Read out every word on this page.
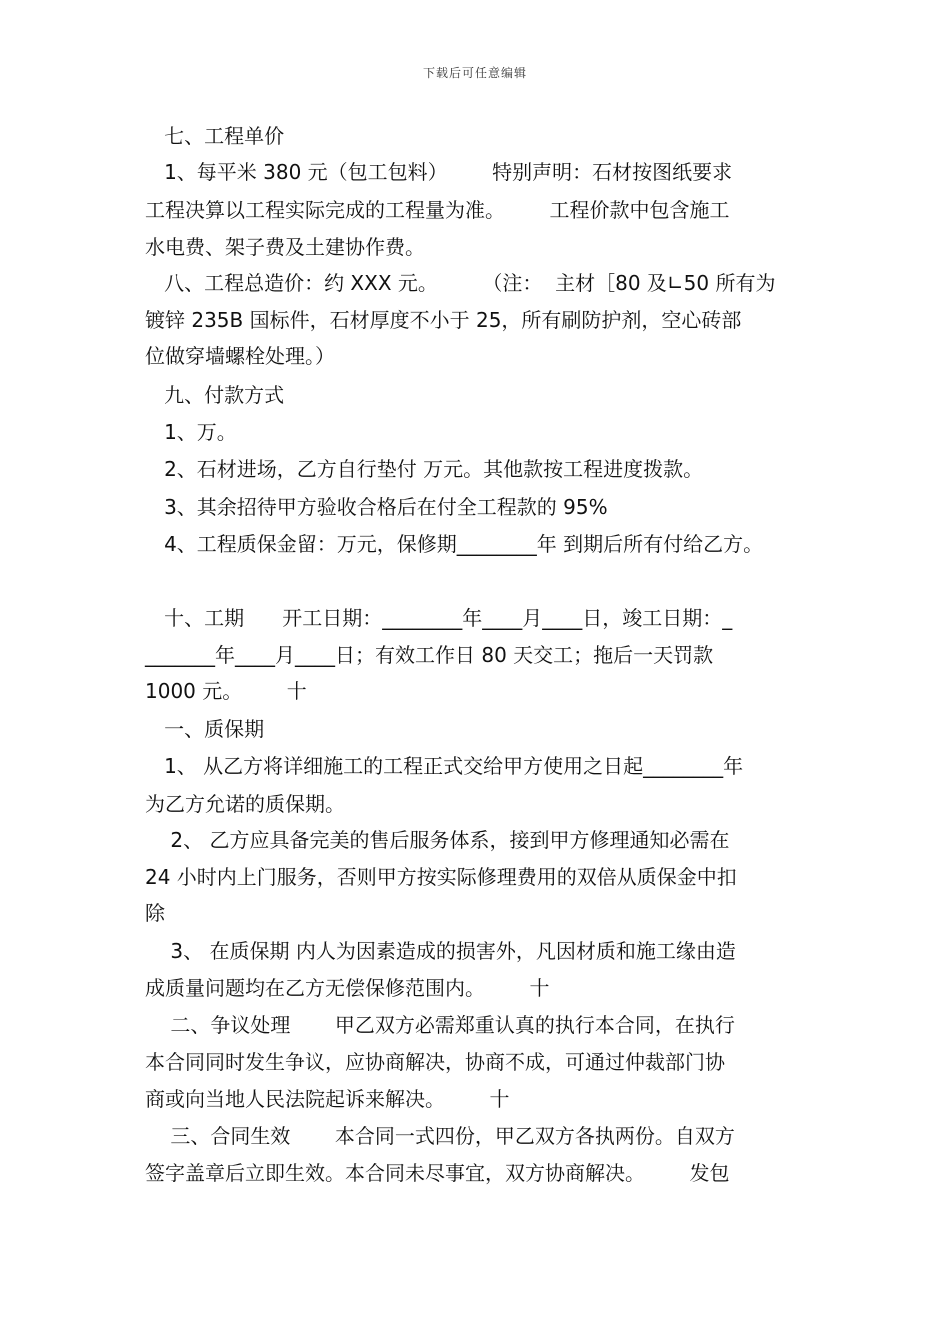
下载后可任意编辑
七、工程单价
1、每平米 380 元（包工包料）       特别声明：石材按图纸要求
工程决算以工程实际完成的工程量为准。       工程价款中包含施工
水电费、架子费及土建协作费。
八、工程总造价：约 XXX 元。       （注：  主材［80 及∟50 所有为
镀锌 235B 国标件，石材厚度不小于 25，所有刷防护剂，空心砖部
位做穿墙螺栓处理。）
九、付款方式
1、万。
2、石材进场，乙方自行垫付 万元。其他款按工程进度拨款。
3、其余招待甲方验收合格后在付全工程款的 95%
4、工程质保金留：万元，保修期________年 到期后所有付给乙方。
十、工期      开工日期：________年____月____日，竣工日期：_
_______年____月____日；有效工作日 80 天交工；拖后一天罚款
1000 元。       十
一、质保期
1、 从乙方将详细施工的工程正式交给甲方使用之日起________年
为乙方允诺的质保期。
2、 乙方应具备完美的售后服务体系，接到甲方修理通知必需在
24 小时内上门服务，否则甲方按实际修理费用的双倍从质保金中扣
除
3、 在质保期 内人为因素造成的损害外，凡因材质和施工缘由造
成质量问题均在乙方无偿保修范围内。       十
二、争议处理       甲乙双方必需郑重认真的执行本合同，在执行
本合同同时发生争议，应协商解决，协商不成，可通过仲裁部门协
商或向当地人民法院起诉来解决。       十
三、合同生效       本合同一式四份，甲乙双方各执两份。自双方
签字盖章后立即生效。本合同未尽事宜，双方协商解决。       发包
